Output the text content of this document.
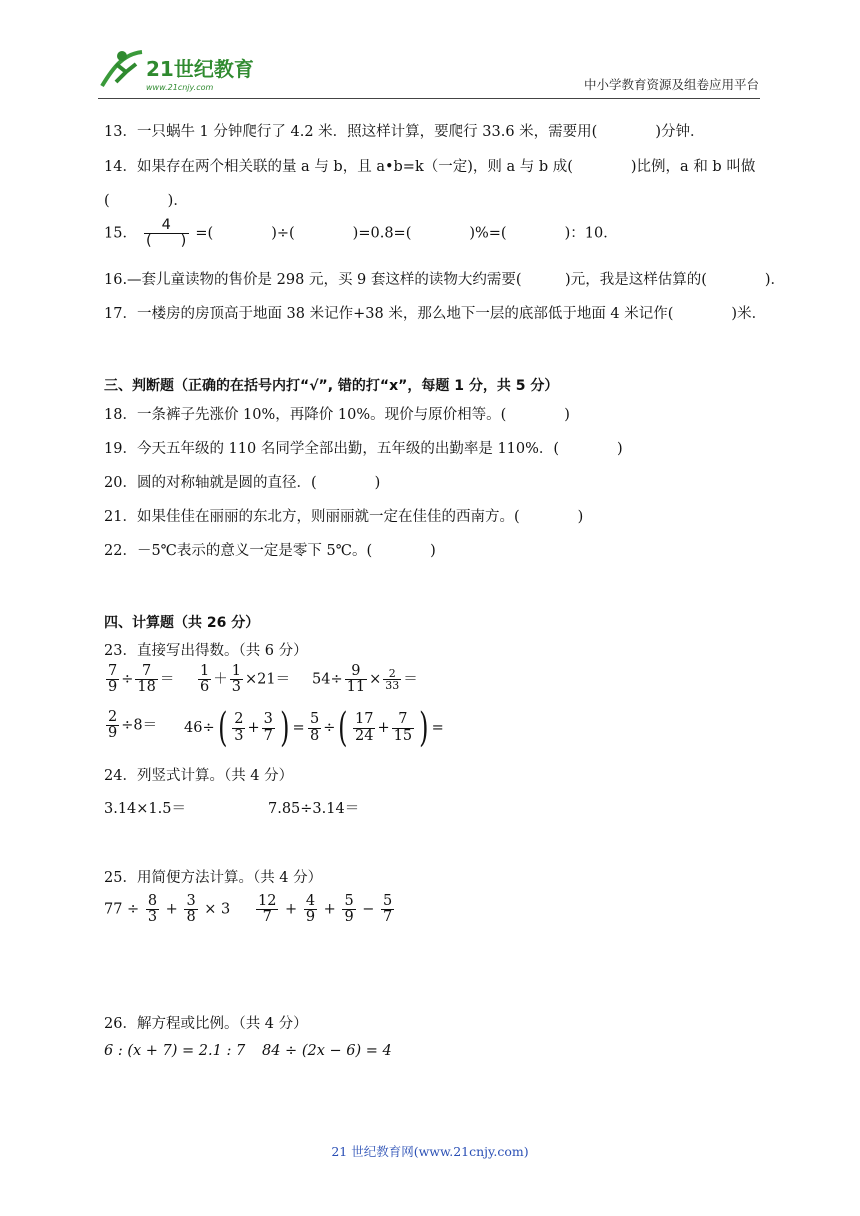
21世纪教育
www.21cnjy.com	中小学教育资源及组卷应用平台
13．一只蜗牛 1 分钟爬行了 4.2 米．照这样计算，要爬行 33.6 米，需要用(　　　　)分钟．
14．如果存在两个相关联的量 a 与 b，且 a•b=k（一定)，则 a 与 b 成(　　　　)比例，a 和 b 叫做
(　　　　)．
15． $\frac{4}{( )}$ =(　　　　)÷(　　　　)=0.8=(　　　　)%=(　　　　)：10．
16.—套儿童读物的售价是 298 元，买 9 套这样的读物大约需要(　　　)元，我是这样估算的(　　　　)．
17．一楼房的房顶高于地面 38 米记作+38 米，那么地下一层的底部低于地面 4 米记作(　　　　)米．
三、判断题（正确的在括号内打“√”, 错的打“x”，每题 1 分，共 5 分）
18．一条裤子先涨价 10%，再降价 10%。现价与原价相等。(　　　　)
19．今天五年级的 110 名同学全部出勤，五年级的出勤率是 110%．(　　　　)
20．圆的对称轴就是圆的直径．(　　　　)
21．如果佳佳在丽丽的东北方，则丽丽就一定在佳佳的西南方。(　　　　)
22．－5℃表示的意义一定是零下 5℃。(　　　　)
四、计算题（共 26 分）
23．直接写出得数。（共 6 分）
$\frac{7}{9} \div \frac{7}{18} = \frac{1}{6} + \frac{1}{3} \times 21= 54\div \frac{9}{11} \times \frac{2}{33}$ ＝
$\frac{2}{9} \div 8= 46\div( \frac{2}{3} + \frac{3}{7}$ ) = $\frac{5}{8}$ ÷( $\frac{17}{24} + \frac{7}{15}$ ) =
24．列竖式计算。（共 4 分）
3.14×1.5＝	7.85÷3.14＝
25．用简便方法计算。（共 4 分）
$77 \div \frac{8}{3} + \frac{3}{8} \times 3 \frac{12}{7} + \frac{4}{9} + \frac{5}{9} - \frac{5}{7}$
26．解方程或比例。（共 4 分）
6 : (x + 7) = 2.1 : 7 84 ÷ (2x − 6) = 4
21 世纪教育网(www.21cnjy.com)
